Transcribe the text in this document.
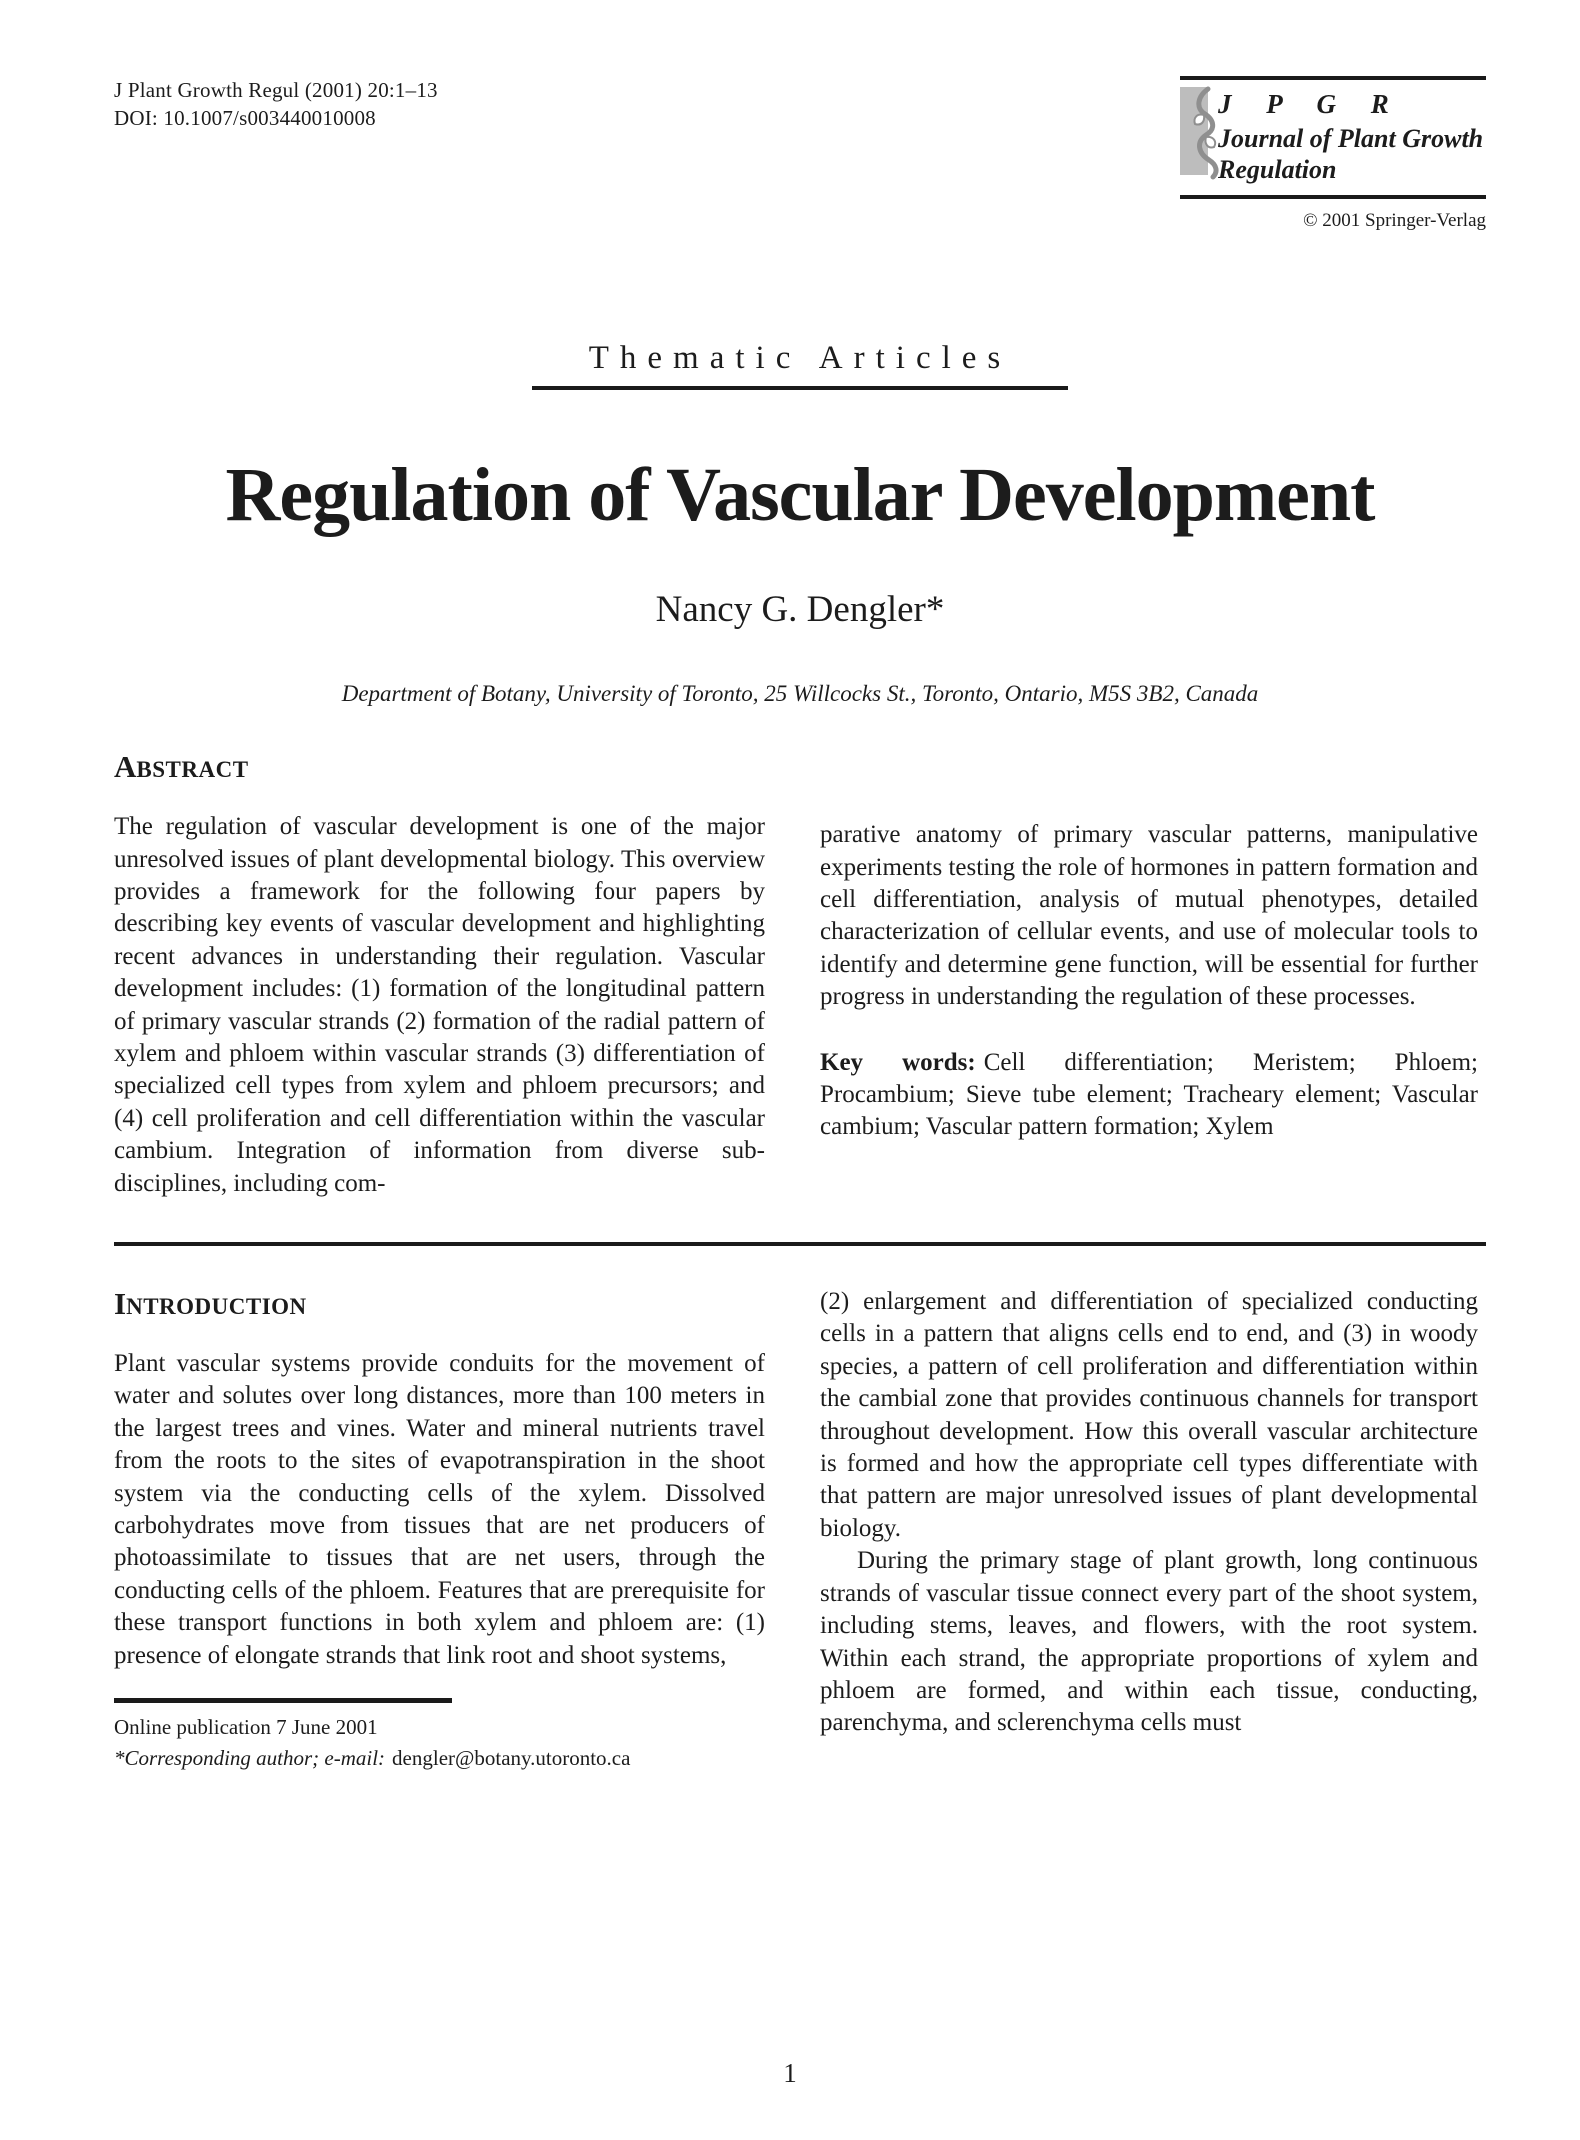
J Plant Growth Regul (2001) 20:1–13
DOI: 10.1007/s003440010008	J P G R
Journal of Plant Growth
Regulation
© 2001 Springer-Verlag
Thematic Articles
Regulation of Vascular Development
Nancy G. Dengler*
Department of Botany, University of Toronto, 25 Willcocks St., Toronto, Ontario, M5S 3B2, Canada
ABSTRACT

The regulation of vascular development is one of the major unresolved issues of plant developmental biology. This overview provides a framework for the following four papers by describing key events of vascular development and highlighting recent advances in understanding their regulation. Vascular development includes: (1) formation of the longitudinal pattern of primary vascular strands (2) formation of the radial pattern of xylem and phloem within vascular strands (3) differentiation of specialized cell types from xylem and phloem precursors; and (4) cell proliferation and cell differentiation within the vascular cambium. Integration of information from diverse sub-disciplines, including com-

parative anatomy of primary vascular patterns, manipulative experiments testing the role of hormones in pattern formation and cell differentiation, analysis of mutual phenotypes, detailed characterization of cellular events, and use of molecular tools to identify and determine gene function, will be essential for further progress in understanding the regulation of these processes.

Key words: Cell differentiation; Meristem; Phloem; Procambium; Sieve tube element; Tracheary element; Vascular cambium; Vascular pattern formation; Xylem

INTRODUCTION

Plant vascular systems provide conduits for the movement of water and solutes over long distances, more than 100 meters in the largest trees and vines. Water and mineral nutrients travel from the roots to the sites of evapotranspiration in the shoot system via the conducting cells of the xylem. Dissolved carbohydrates move from tissues that are net producers of photoassimilate to tissues that are net users, through the conducting cells of the phloem. Features that are prerequisite for these transport functions in both xylem and phloem are: (1) presence of elongate strands that link root and shoot systems,

Online publication 7 June 2001
*Corresponding author; e-mail: dengler@botany.utoronto.ca

(2) enlargement and differentiation of specialized conducting cells in a pattern that aligns cells end to end, and (3) in woody species, a pattern of cell proliferation and differentiation within the cambial zone that provides continuous channels for transport throughout development. How this overall vascular architecture is formed and how the appropriate cell types differentiate with that pattern are major unresolved issues of plant developmental biology.

During the primary stage of plant growth, long continuous strands of vascular tissue connect every part of the shoot system, including stems, leaves, and flowers, with the root system. Within each strand, the appropriate proportions of xylem and phloem are formed, and within each tissue, conducting, parenchyma, and sclerenchyma cells must

1
